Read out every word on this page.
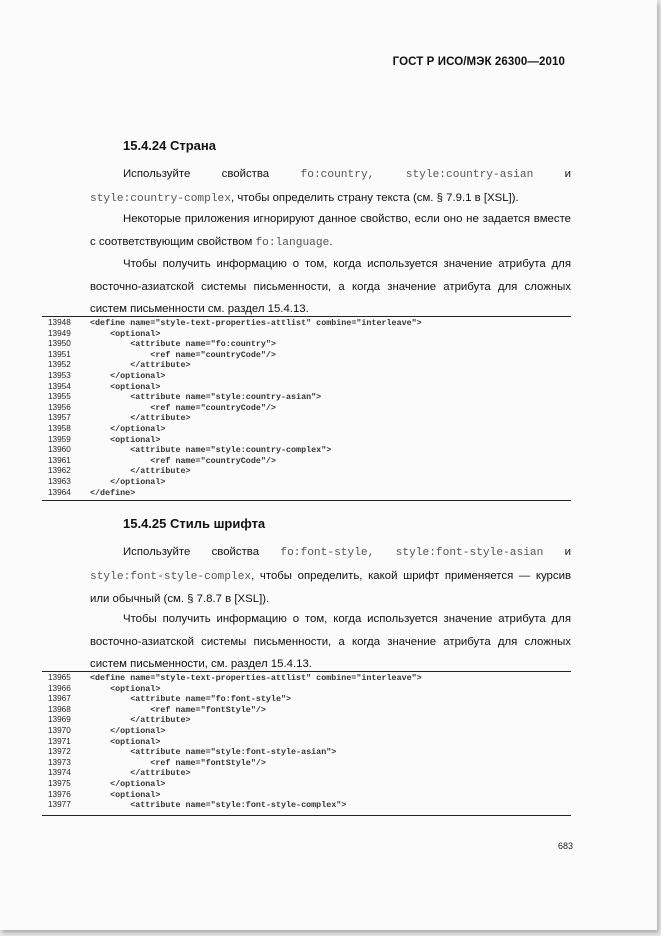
ГОСТ Р ИСО/МЭК 26300—2010
15.4.24 Страна
Используйте	свойства	fo:country,	style:country-asian	и
style:country-complex, чтобы определить страну текста (см. § 7.9.1 в [XSL]).
Некоторые приложения игнорируют данное свойство, если оно не задается вместе с соответствующим свойством fo:language.
Чтобы получить информацию о том, когда используется значение атрибута для восточно-азиатской системы письменности, а когда значение атрибута для сложных систем письменности см. раздел 15.4.13.
13948	<define name="style-text-properties-attlist" combine="interleave">
13949	<optional>
13950	<attribute name="fo:country">
13951	<ref name="countryCode"/>
13952	</attribute>
13953	</optional>
13954	<optional>
13955	<attribute name="style:country-asian">
13956	<ref name="countryCode"/>
13957	</attribute>
13958	</optional>
13959	<optional>
13960	<attribute name="style:country-complex">
13961	<ref name="countryCode"/>
13962	</attribute>
13963	</optional>
13964	</define>
15.4.25 Стиль шрифта
Используйте свойства fo:font-style, style:font-style-asian и
style:font-style-complex, чтобы определить, какой шрифт применяется — курсив или обычный (см. § 7.8.7 в [XSL]).
Чтобы получить информацию о том, когда используется значение атрибута для восточно-азиатской системы письменности, а когда значение атрибута для сложных систем письменности, см. раздел 15.4.13.
13965	<define name="style-text-properties-attlist" combine="interleave">
13966	<optional>
13967	<attribute name="fo:font-style">
13968	<ref name="fontStyle"/>
13969	</attribute>
13970	</optional>
13971	<optional>
13972	<attribute name="style:font-style-asian">
13973	<ref name="fontStyle"/>
13974	</attribute>
13975	</optional>
13976	<optional>
13977	<attribute name="style:font-style-complex">
683
